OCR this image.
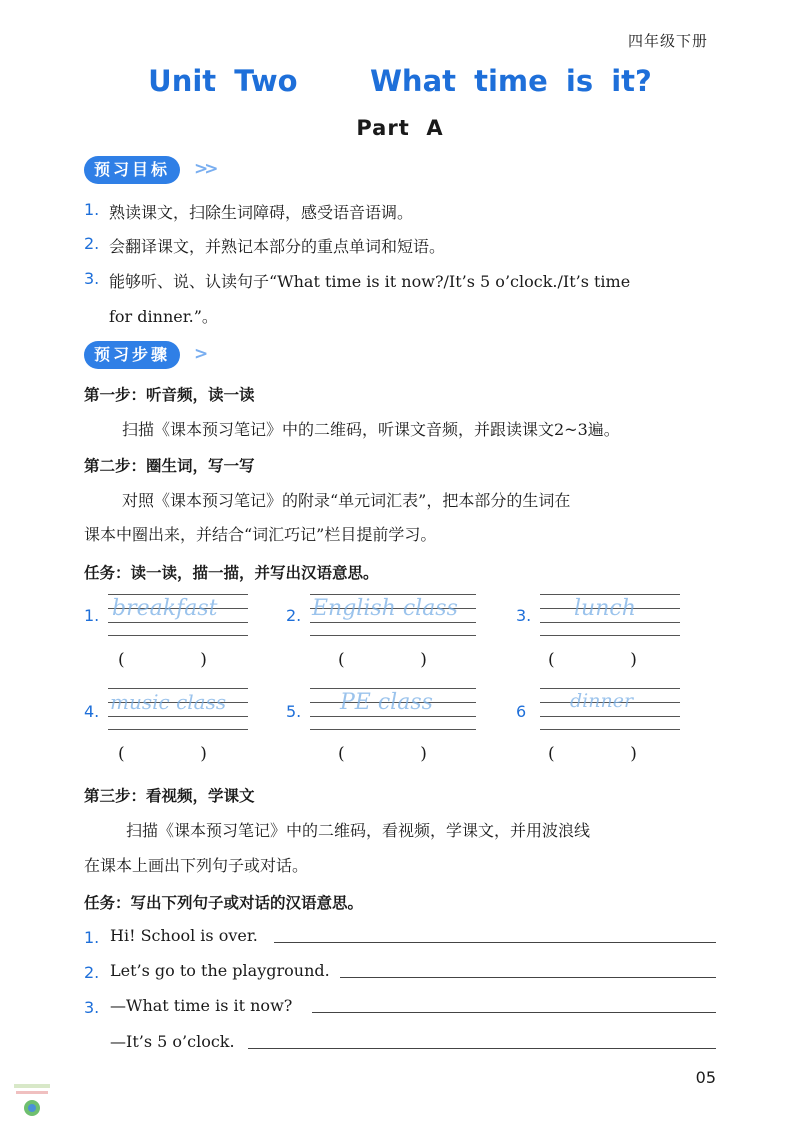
四年级下册
Unit Two    What time is it?
Part  A
预习目标	>>
1. 熟读课文，扫除生词障碍，感受语音语调。
2. 会翻译课文，并熟记本部分的重点单词和短语。
3. 能够听、说、认读句子“What time is it now?/It’s 5 o’clock./It’s time
for dinner.”。
预习步骤	>
第一步：听音频，读一读
扫描《课本预习笔记》中的二维码，听课文音频，并跟读课文2~3遍。
第二步：圈生词，写一写
对照《课本预习笔记》的附录“单元词汇表”，把本部分的生词在
课本中圈出来，并结合“词汇巧记”栏目提前学习。
任务：读一读，描一描，并写出汉语意思。
1. breakfast
(              )
2. English class
(              )
3. lunch
(              )
4. music class
(              )
5. PE class
(              )
6 dinner
(              )
第三步：看视频，学课文
扫描《课本预习笔记》中的二维码，看视频，学课文，并用波浪线
在课本上画出下列句子或对话。
任务：写出下列句子或对话的汉语意思。
1. Hi! School is over.
2. Let’s go to the playground.
3. —What time is it now?
—It’s 5 o’clock.
05
